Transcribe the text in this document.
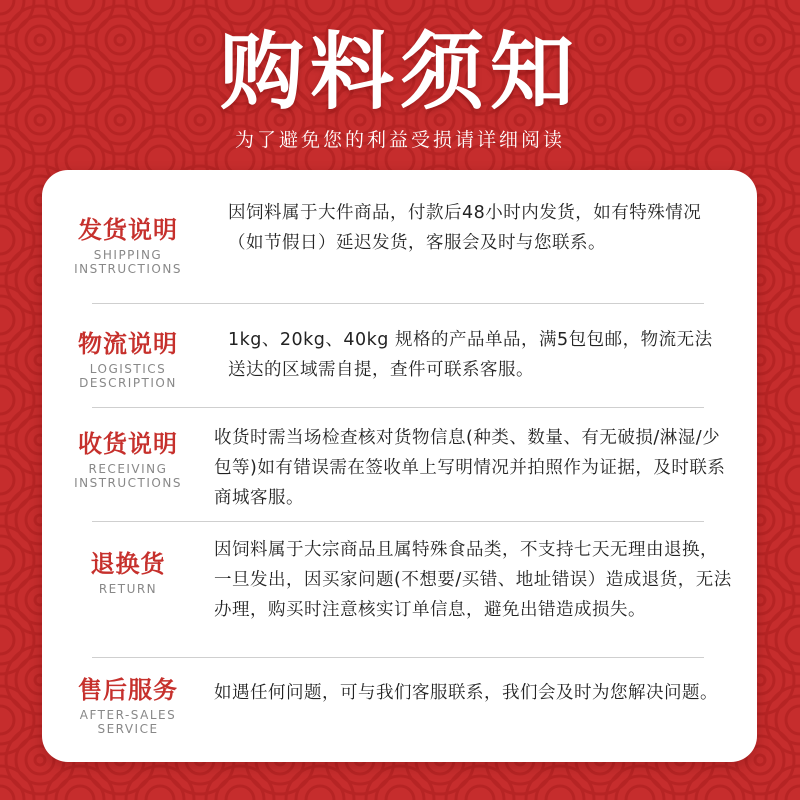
购料须知
为了避免您的利益受损请详细阅读
发货说明
SHIPPING
INSTRUCTIONS
因饲料属于大件商品，付款后48小时内发货，如有特殊情况（如节假日）延迟发货，客服会及时与您联系。
物流说明
LOGISTICS
DESCRIPTION
1kg、20kg、40kg 规格的产品单品，满5包包邮，物流无法送达的区域需自提，查件可联系客服。
收货说明
RECEIVING
INSTRUCTIONS
收货时需当场检查核对货物信息(种类、数量、有无破损/淋湿/少包等)如有错误需在签收单上写明情况并拍照作为证据，及时联系商城客服。
退换货
RETURN
因饲料属于大宗商品且属特殊食品类，不支持七天无理由退换，一旦发出，因买家问题(不想要/买错、地址错误）造成退货，无法办理，购买时注意核实订单信息，避免出错造成损失。
售后服务
AFTER-SALES
SERVICE
如遇任何问题，可与我们客服联系，我们会及时为您解决问题。
